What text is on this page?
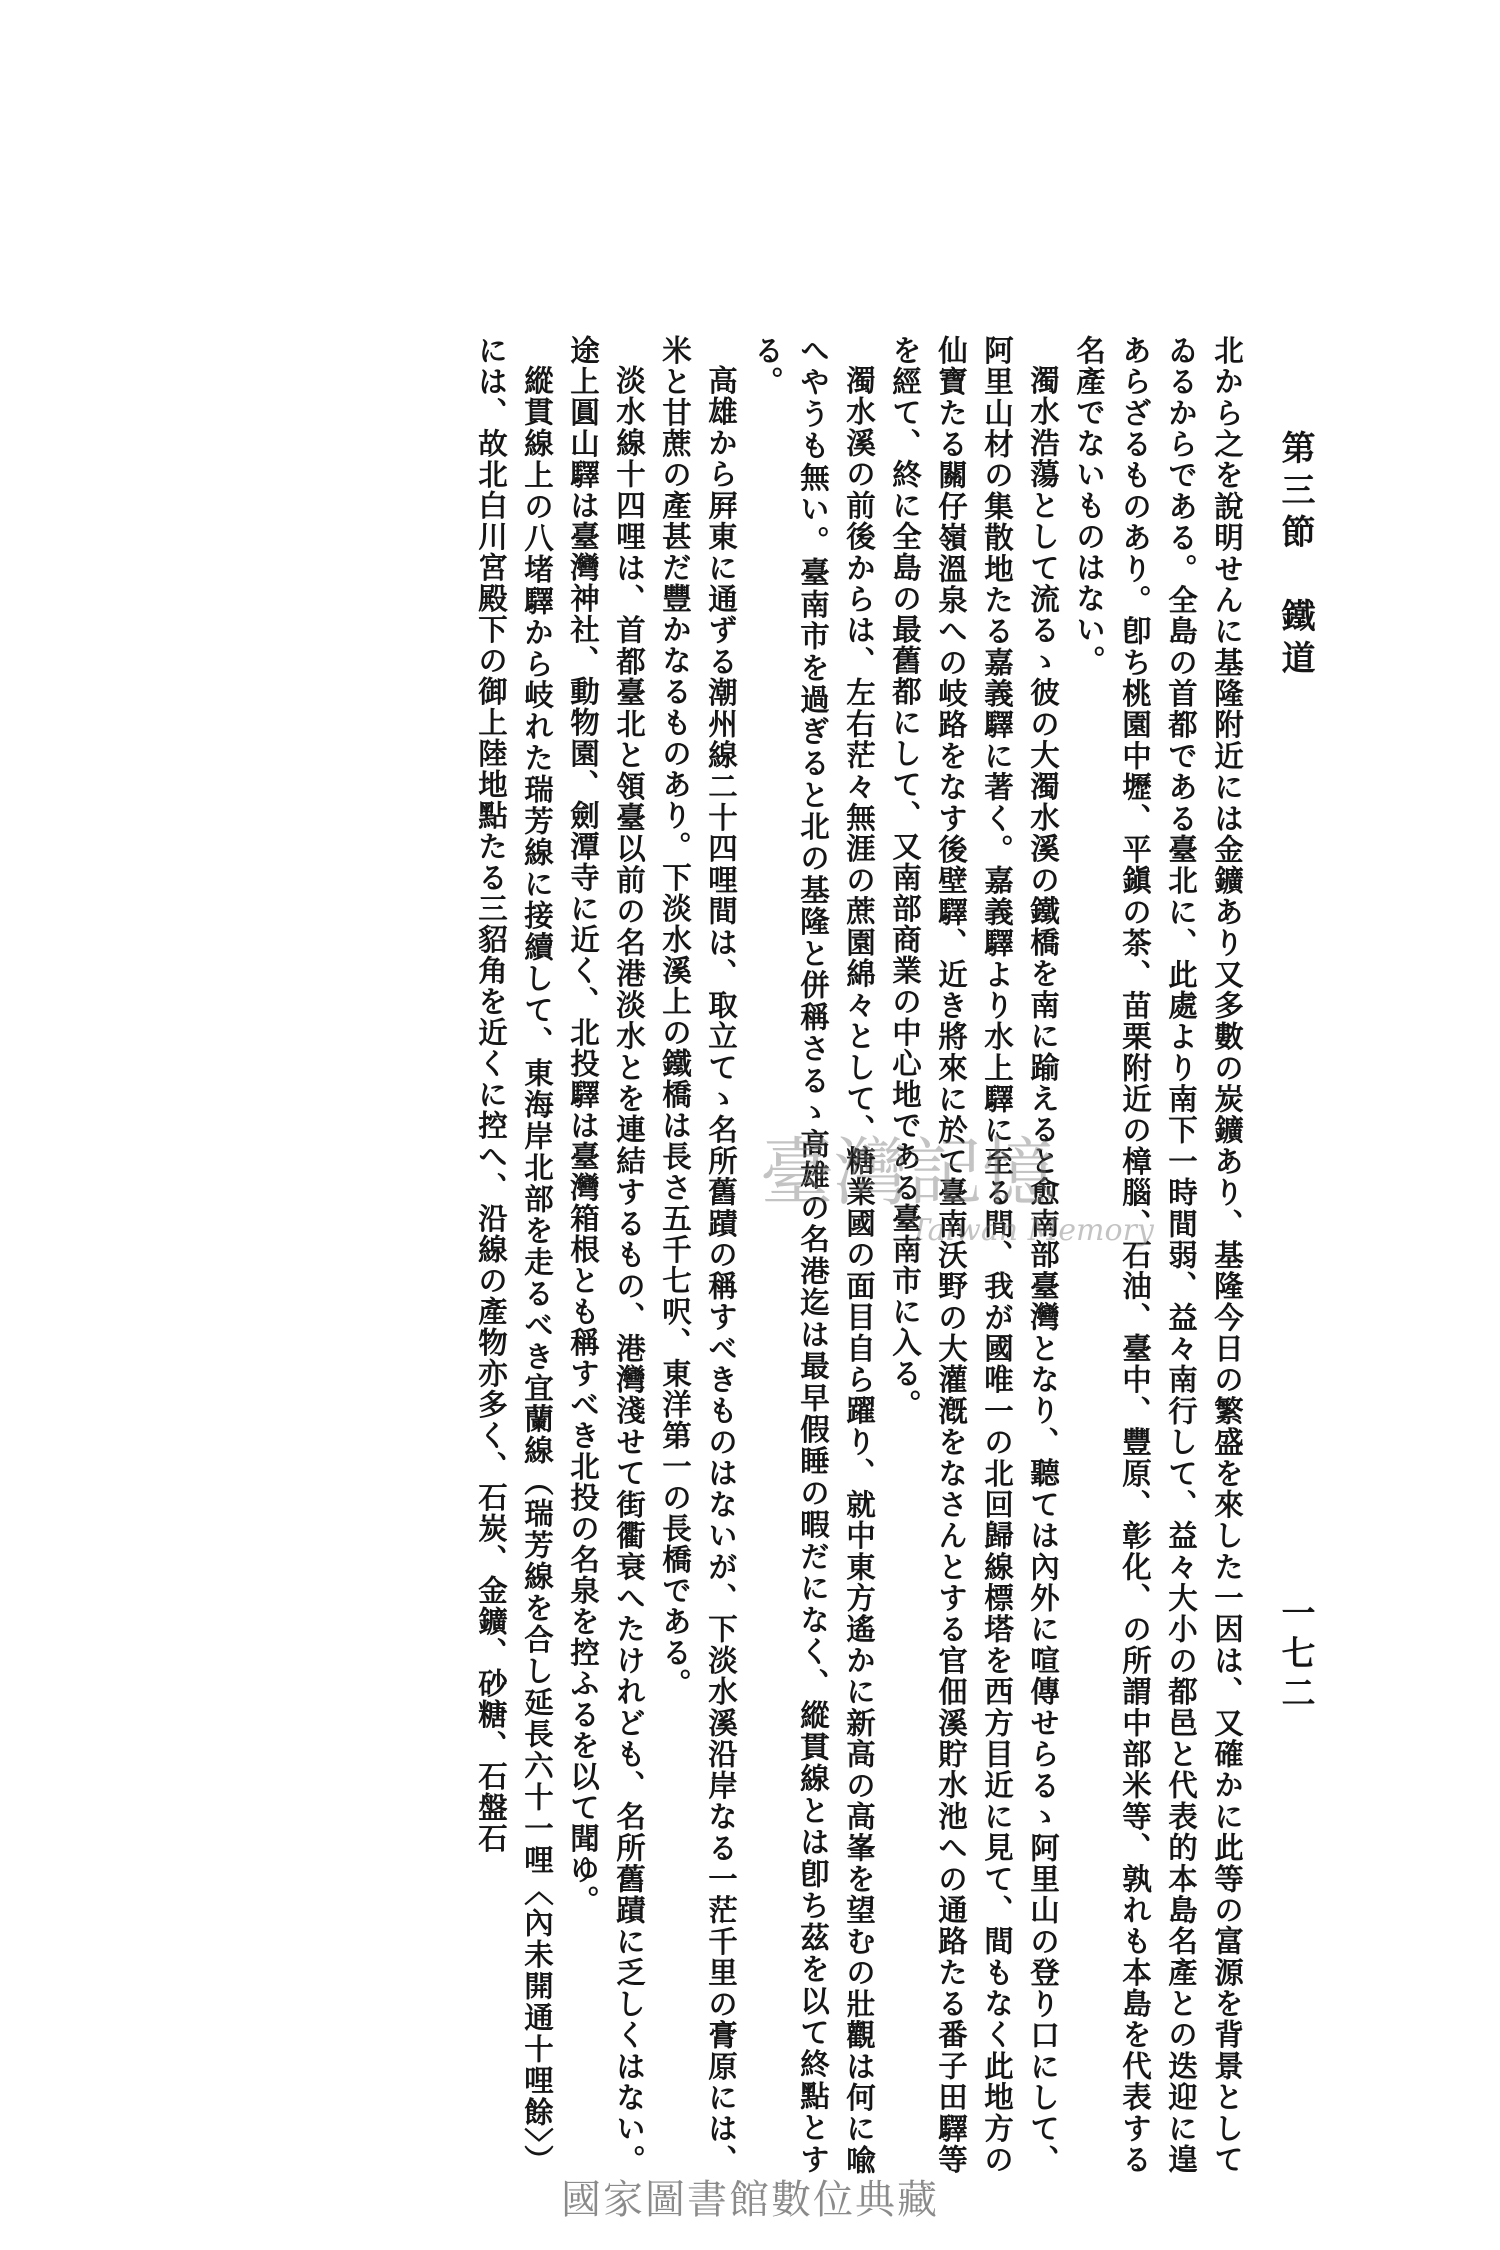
第三節　鐵道
一七二

北から之を說明せんに基隆附近には金鑛あり又多數の炭鑛あり、基隆今日の繁盛を來した一因は、又確かに此等の富源を背景としてゐるからである。全島の首都である臺北に、此處より南下一時間弱、益々南行して、益々大小の都邑と代表的本島名產との迭迎に遑あらざるものあり。卽ち桃園中壢、平鎭の茶、苗栗附近の樟腦、石油、臺中、豐原、彰化、の所謂中部米等、孰れも本島を代表する名產でないものはない。

濁水浩蕩として流るゝ彼の大濁水溪の鐵橋を南に踰えると愈南部臺灣となり、聽ては內外に喧傳せらるゝ阿里山の登り口にして、阿里山材の集散地たる嘉義驛に著く。嘉義驛より水上驛に至る間、我が國唯一の北回歸線標塔を西方目近に見て、間もなく此地方の仙寶たる關仔嶺溫泉への岐路をなす後壁驛、近き將來に於て臺南沃野の大灌漑をなさんとする官佃溪貯水池への通路たる番子田驛等を經て、終に全島の最舊都にして、又南部商業の中心地である臺南市に入る。

濁水溪の前後からは、左右茫々無涯の蔗園綿々として、糖業國の面目自ら躍り、就中東方遙かに新高の高峯を望むの壯觀は何に喩へやうも無い。臺南市を過ぎると北の基隆と併稱さるゝ高雄の名港迄は最早假睡の暇だになく、縱貫線とは卽ち茲を以て終點とする。

高雄から屛東に通ずる潮州線二十四哩間は、取立てゝ名所舊蹟の稱すべきものはないが、下淡水溪沿岸なる一茫千里の膏原には、米と甘蔗の產甚だ豐かなるものあり。下淡水溪上の鐵橋は長さ五千七呎、東洋第一の長橋である。

淡水線十四哩は、首都臺北と領臺以前の名港淡水とを連結するもの、港灣淺せて街衢衰へたけれども、名所舊蹟に乏しくはない。途上圓山驛は臺灣神社、動物園、劍潭寺に近く、北投驛は臺灣箱根とも稱すべき北投の名泉を控ふるを以て聞ゆ。

縱貫線上の八堵驛から岐れた瑞芳線に接續して、東海岸北部を走るべき宜蘭線（瑞芳線を合し延長六十一哩〈內未開通十哩餘〉）には、故北白川宮殿下の御上陸地點たる三貂角を近くに控へ、沿線の產物亦多く、石炭、金鑛、砂糖、石盤石	臺灣記憶
Taiwan Memory
國家圖書館數位典藏
